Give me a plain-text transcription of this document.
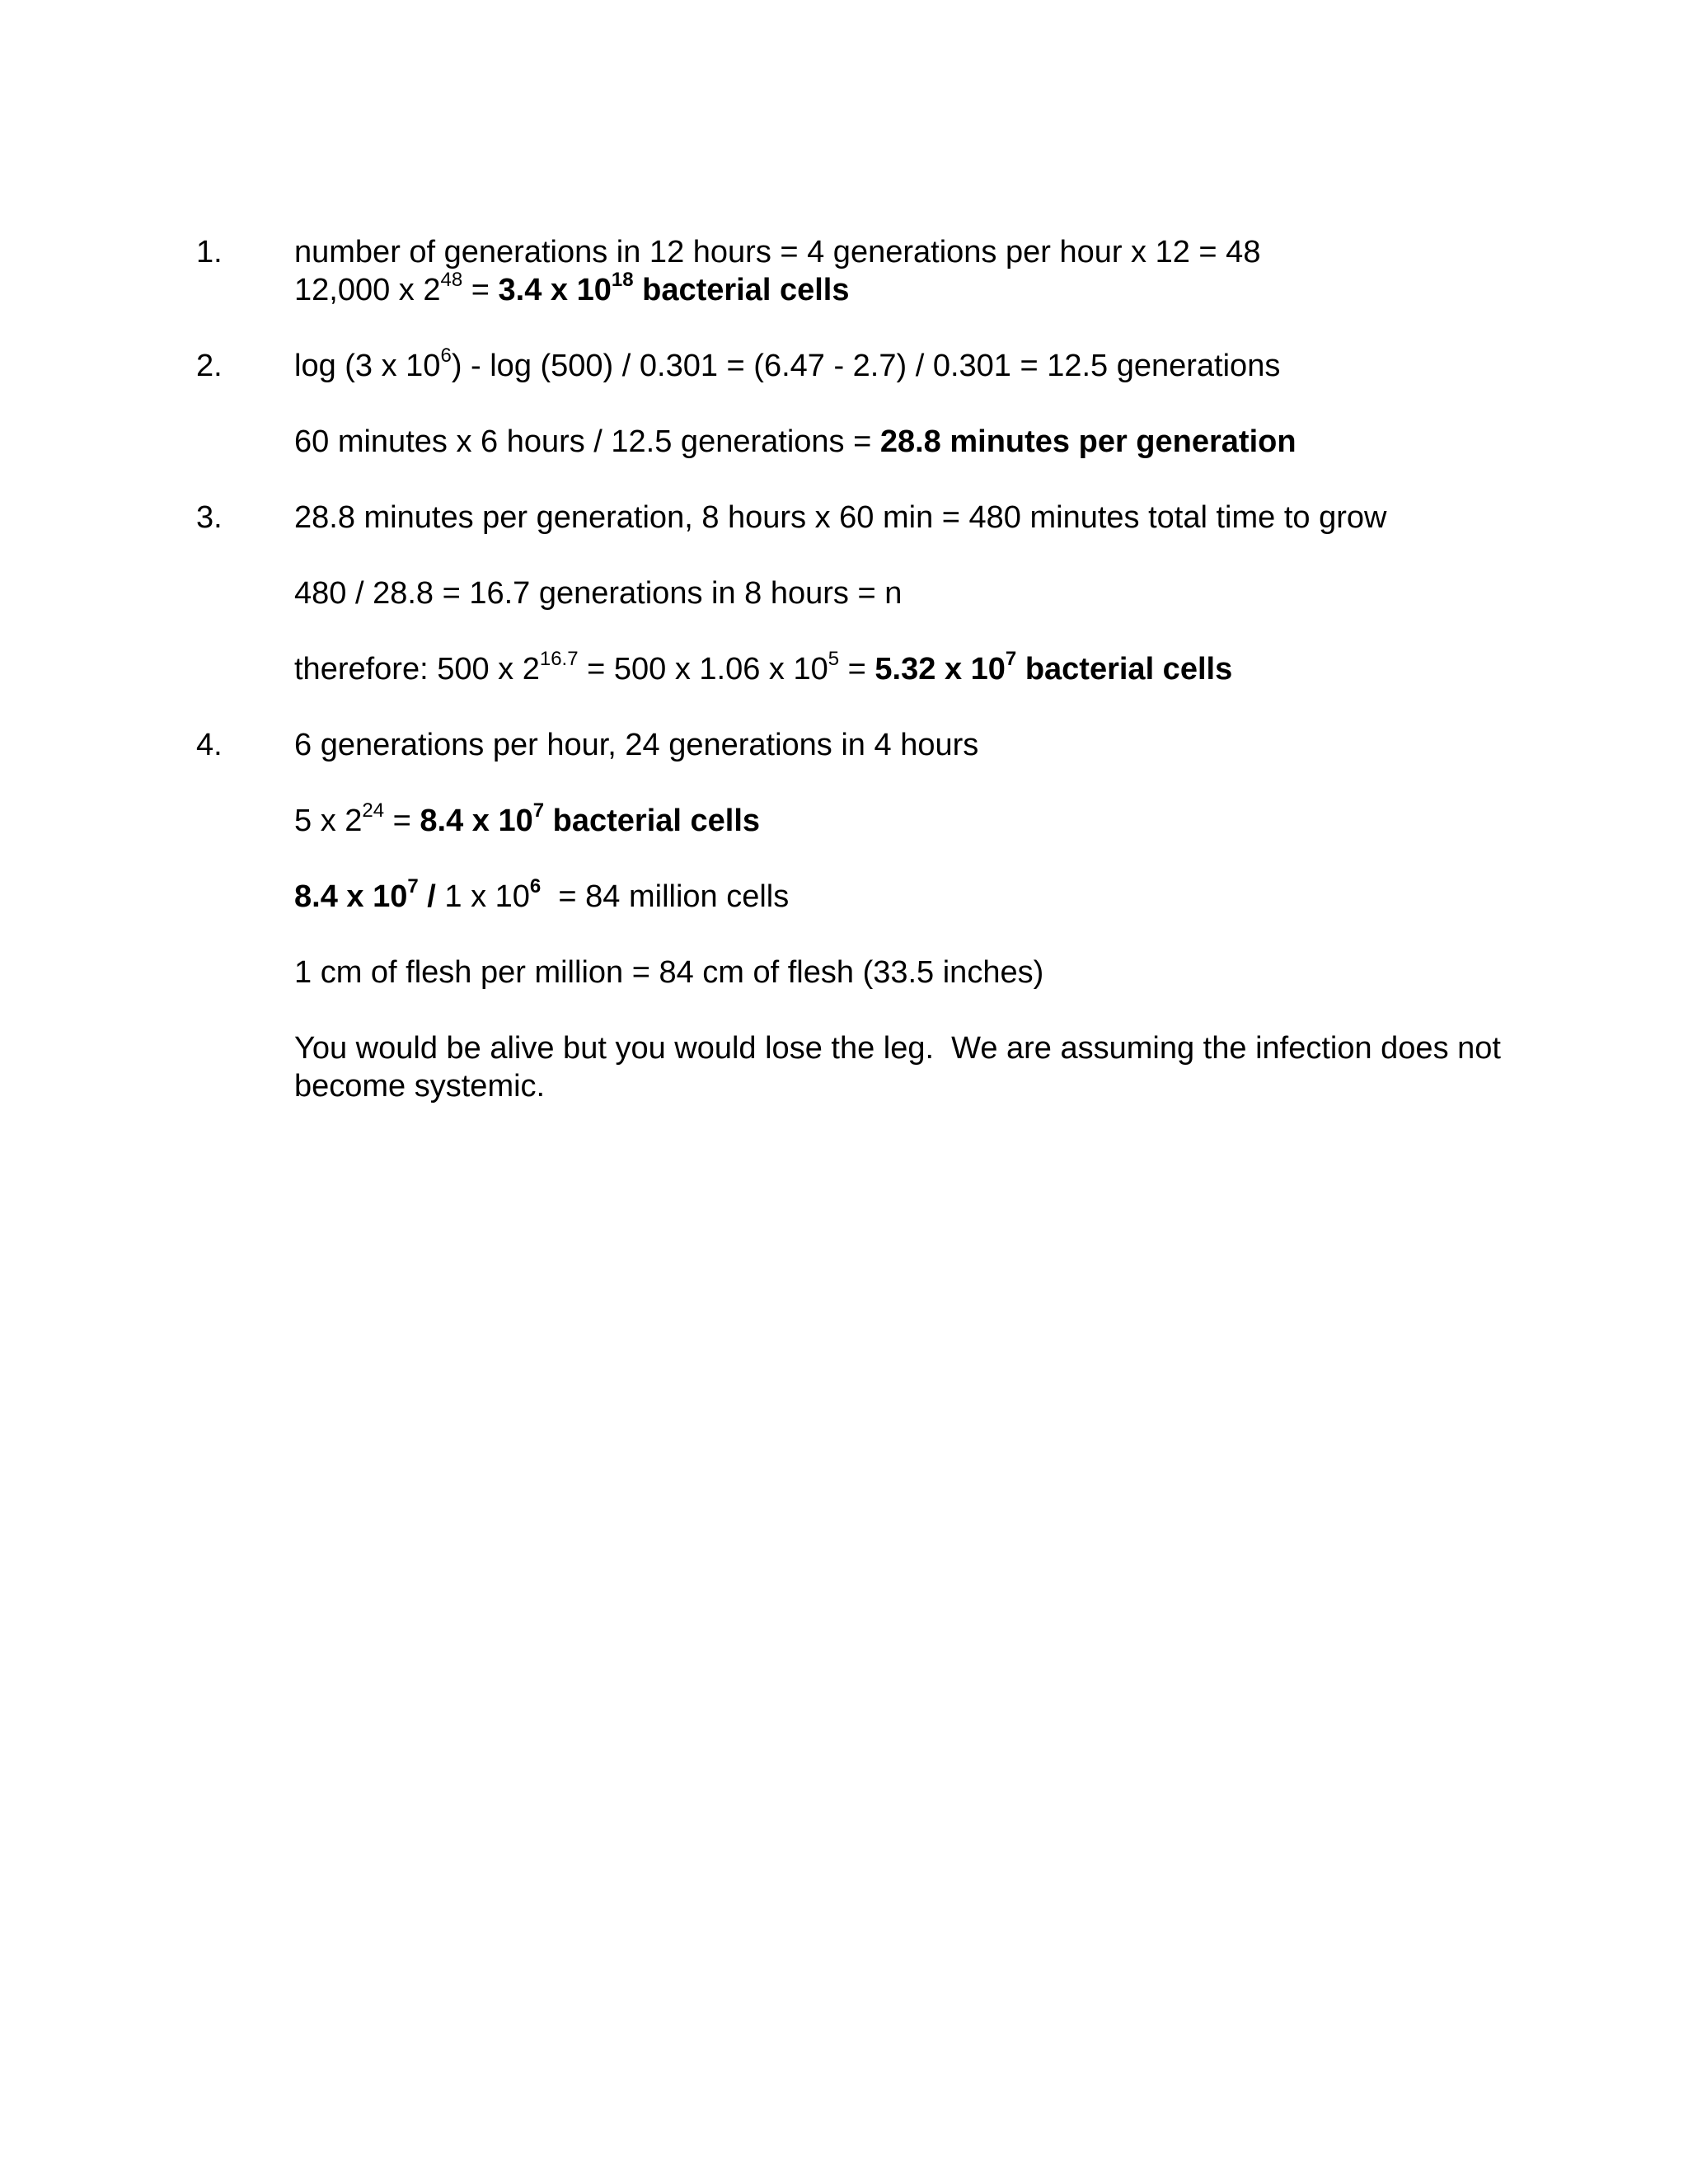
1. number of generations in 12 hours = 4 generations per hour x 12 = 48
12,000 x $2^{48} = 3.4$ x $10^{18}$ bacterial cells
2. log (3 x $10^6) - \log (500) / 0.301 = (6.47 - 2.7) / 0.301 = 12.5$ generations
60 minutes x 6 hours / 12.5 generations = 28.8 minutes per generation
3. 28.8 minutes per generation, 8 hours x 60 min = 480 minutes total time to grow
480 / 28.8 = 16.7 generations in 8 hours = n
therefore: 500 x $2^{16.7} = 500$ x 1.06 x $10^5 = 5.32$ x $10^7$ bacterial cells
4. 6 generations per hour, 24 generations in 4 hours
5 x $2^{24} = 8.4$ x $10^7$ bacterial cells
8.4 x $10^7 / 1$ x $10^6 = 84$ million cells
1 cm of flesh per million = 84 cm of flesh (33.5 inches)
You would be alive but you would lose the leg.  We are assuming the infection does not become systemic.
